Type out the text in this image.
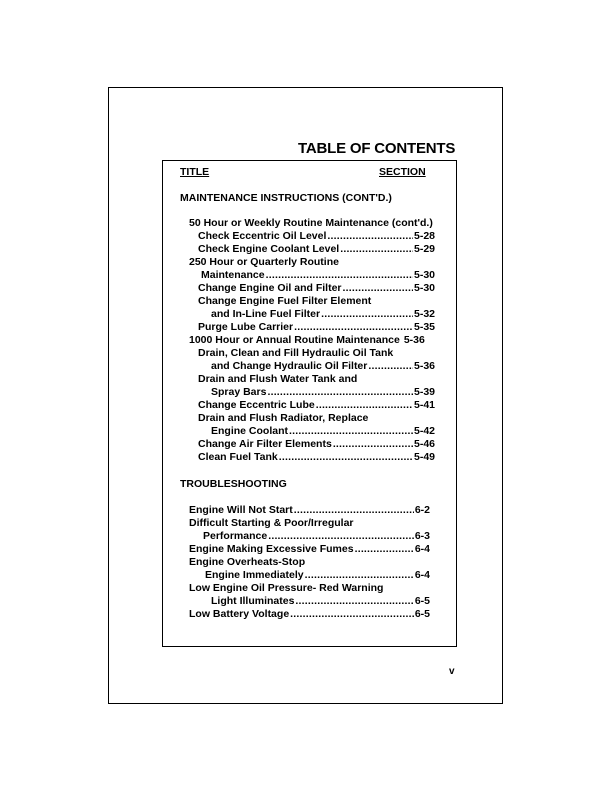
TABLE OF CONTENTS
TITLE	SECTION
MAINTENANCE INSTRUCTIONS (CONT'D.)
50 Hour or Weekly Routine Maintenance (cont'd.)
Check Eccentric Oil Level .....	5-28
Check Engine Coolant Level .....	5-29
250 Hour or Quarterly Routine
Maintenance .....	5-30
Change Engine Oil and Filter .....	5-30
Change Engine Fuel Filter Element
and In-Line Fuel Filter .....	5-32
Purge Lube Carrier .....	5-35
1000 Hour or Annual Routine Maintenance 5-36
Drain, Clean and Fill Hydraulic Oil Tank
and Change Hydraulic Oil Filter .....	5-36
Drain and Flush Water Tank and
Spray Bars .....	5-39
Change Eccentric Lube .....	5-41
Drain and Flush Radiator, Replace
Engine Coolant .....	5-42
Change Air Filter Elements .....	5-46
Clean Fuel Tank .....	5-49
TROUBLESHOOTING
Engine Will Not Start .....	6-2
Difficult Starting & Poor/Irregular
Performance .....	6-3
Engine Making Excessive Fumes .....	6-4
Engine Overheats-Stop
Engine Immediately .....	6-4
Low Engine Oil Pressure- Red Warning
Light Illuminates .....	6-5
Low Battery Voltage .....	6-5
v
